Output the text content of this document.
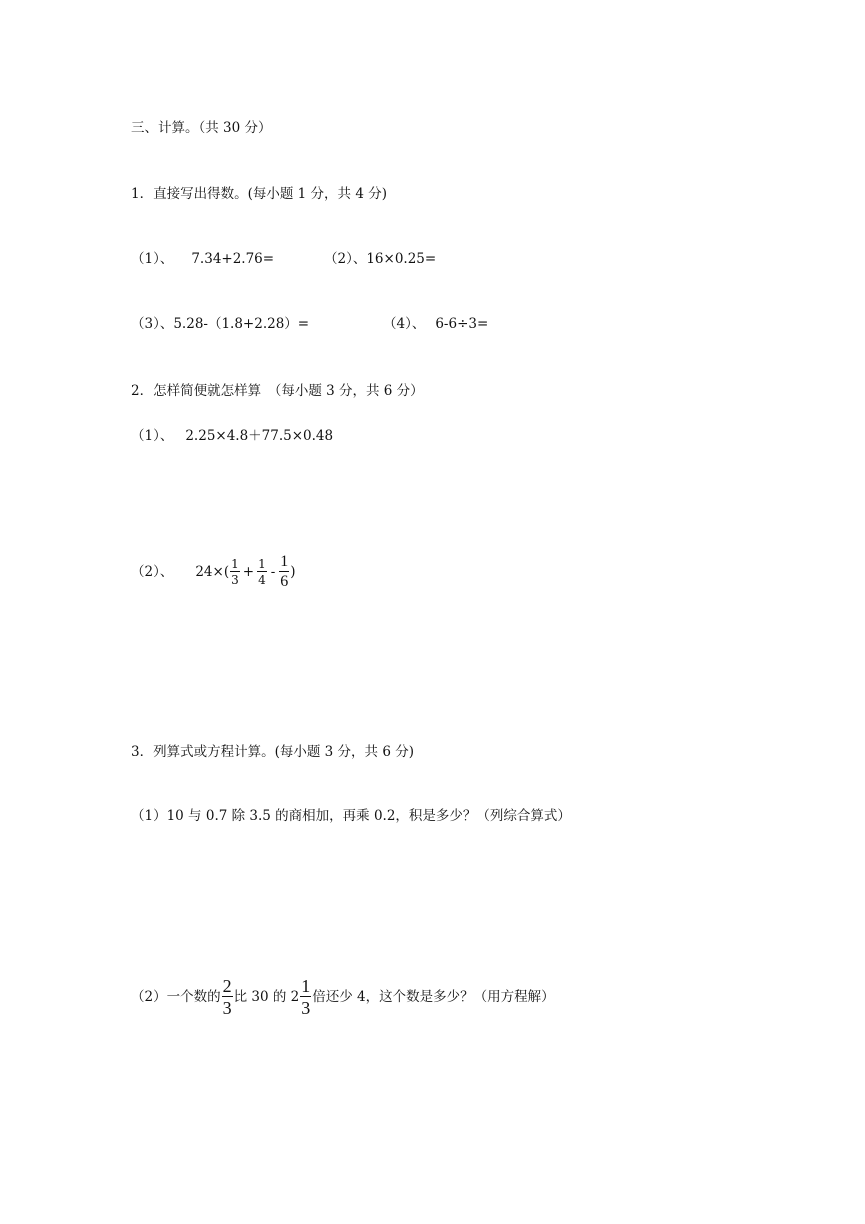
三、计算。（共 30 分）
1．直接写出得数。(每小题 1 分，共 4 分)
（1）、 7.34+2.76=	（2）、16×0.25=
（3）、5.28-（1.8+2.28）=	（4）、 6-6÷3=
2．怎样简便就怎样算　（每小题 3 分，共 6 分）
（1）、 2.25×4.8＋77.5×0.48
（2）、 $24\times( \frac{1}{3} + \frac{1}{4} - \frac{1}{6}$ )
3．列算式或方程计算。(每小题 3 分，共 6 分)
（1）10 与 0.7 除 3.5 的商相加，再乘 0.2，积是多少？（列综合算式）
（2）一个数的 $\frac{2}{3}$ 比 30 的 $2 \frac{1}{3}$ 倍还少 4，这个数是多少？（用方程解）
